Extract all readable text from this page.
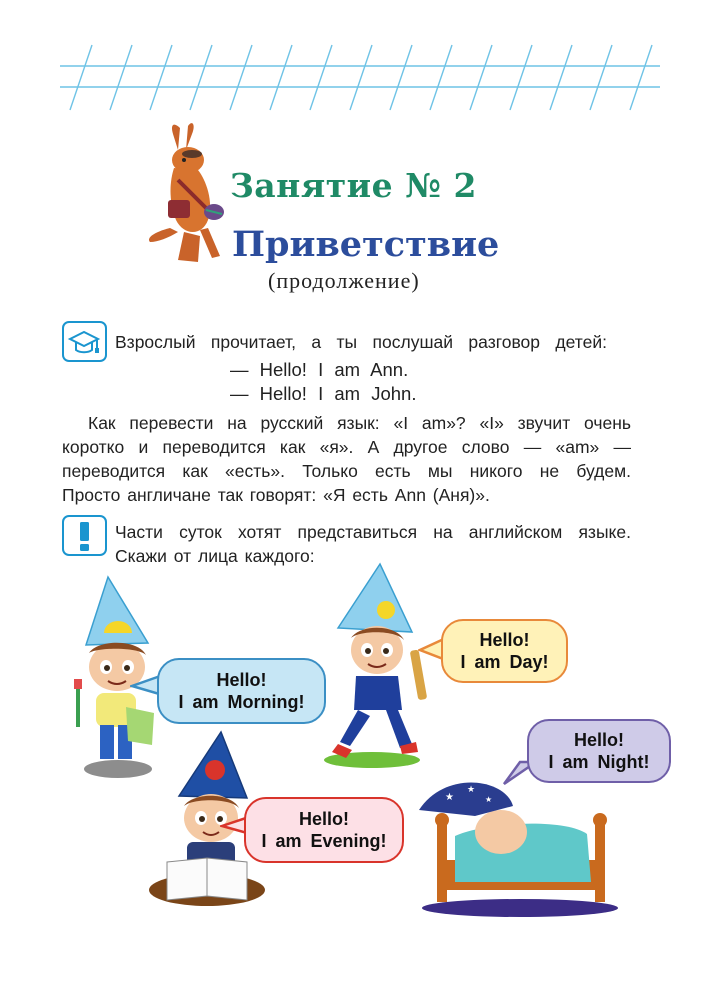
Занятие № 2
Приветствие
(продолжение)
Взрослый прочитает, а ты послушай разговор детей:
— Hello! I am Ann.
— Hello! I am John.
Как перевести на русский язык: «I am»? «I» звучит очень
коротко и переводится как «я». А другое слово — «am» —
переводится как «есть». Только есть мы никого не будем.
Просто англичане так говорят: «Я есть Ann (Аня)».
Части суток хотят представиться на английском языке.
Скажи от лица каждого:
★
★
★
Hello!
I am Morning!
Hello!
I am Day!
Hello!
I am Evening!
Hello!
I am Night!
